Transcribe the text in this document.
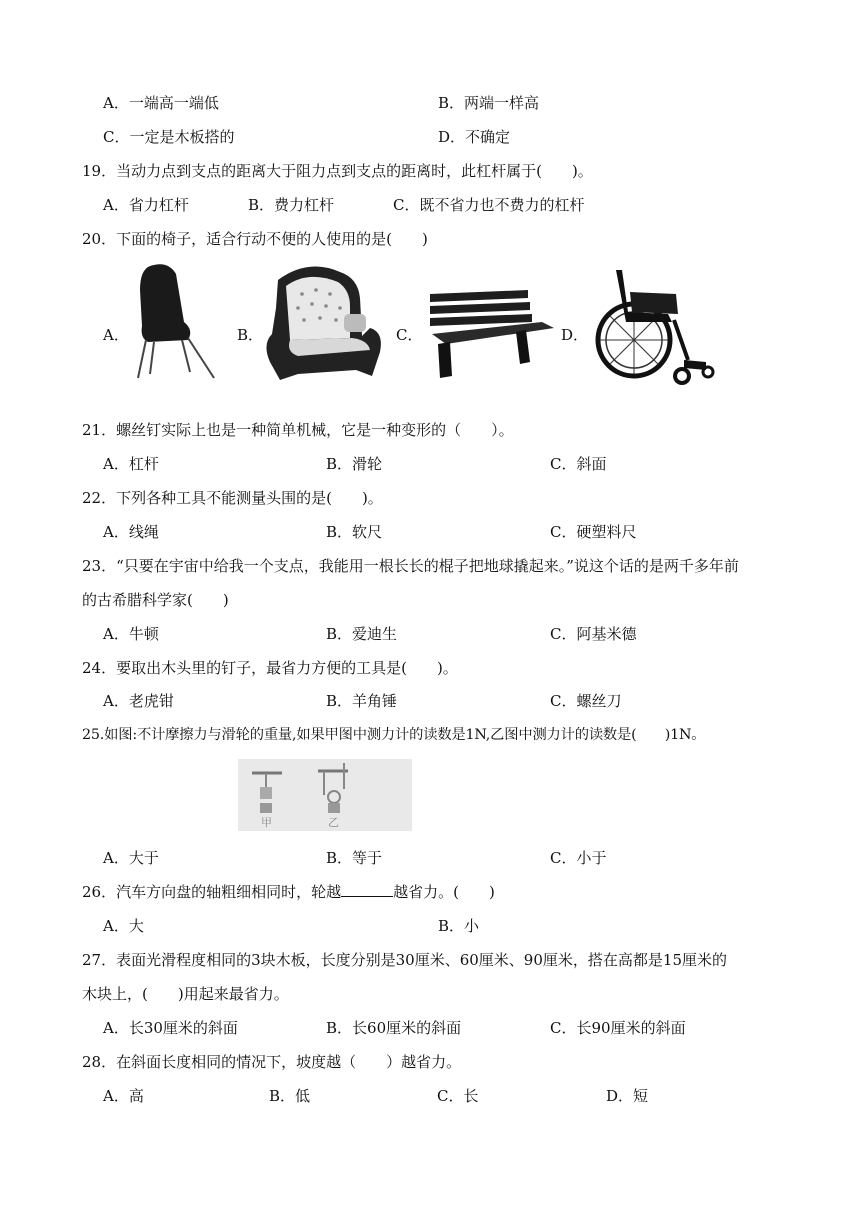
A．一端高一端低	B．两端一样高
C．一定是木板搭的	D．不确定
19．当动力点到支点的距离大于阻力点到支点的距离时，此杠杆属于(　　)。
A．省力杠杆	B．费力杠杆	C．既不省力也不费力的杠杆
20．下面的椅子，适合行动不便的人使用的是(　　)
A．	B．	C．	D．
21．螺丝钉实际上也是一种简单机械，它是一种变形的（　　）。
A．杠杆	B．滑轮	C．斜面
22．下列各种工具不能测量头围的是(　　)。
A．线绳	B．软尺	C．硬塑料尺
23．“只要在宇宙中给我一个支点，我能用一根长长的棍子把地球撬起来。”说这个话的是两千多年前
的古希腊科学家(　　)
A．牛顿	B．爱迪生	C．阿基米德
24．要取出木头里的钉子，最省力方便的工具是(　　)。
A．老虎钳	B．羊角锤	C．螺丝刀
25.如图:不计摩擦力与滑轮的重量,如果甲图中测力计的读数是1N,乙图中测力计的读数是(　　)1N。
甲	乙
A．大于	B．等于	C．小于
26．汽车方向盘的轴粗细相同时，轮越	越省力。(　　)
A．大	B．小
27．表面光滑程度相同的3块木板，长度分别是30厘米、60厘米、90厘米，搭在高都是15厘米的
木块上，(　　)用起来最省力。
A．长30厘米的斜面	B．长60厘米的斜面	C．长90厘米的斜面
28．在斜面长度相同的情况下，坡度越（　　）越省力。
A．高	B．低	C．长	D．短
